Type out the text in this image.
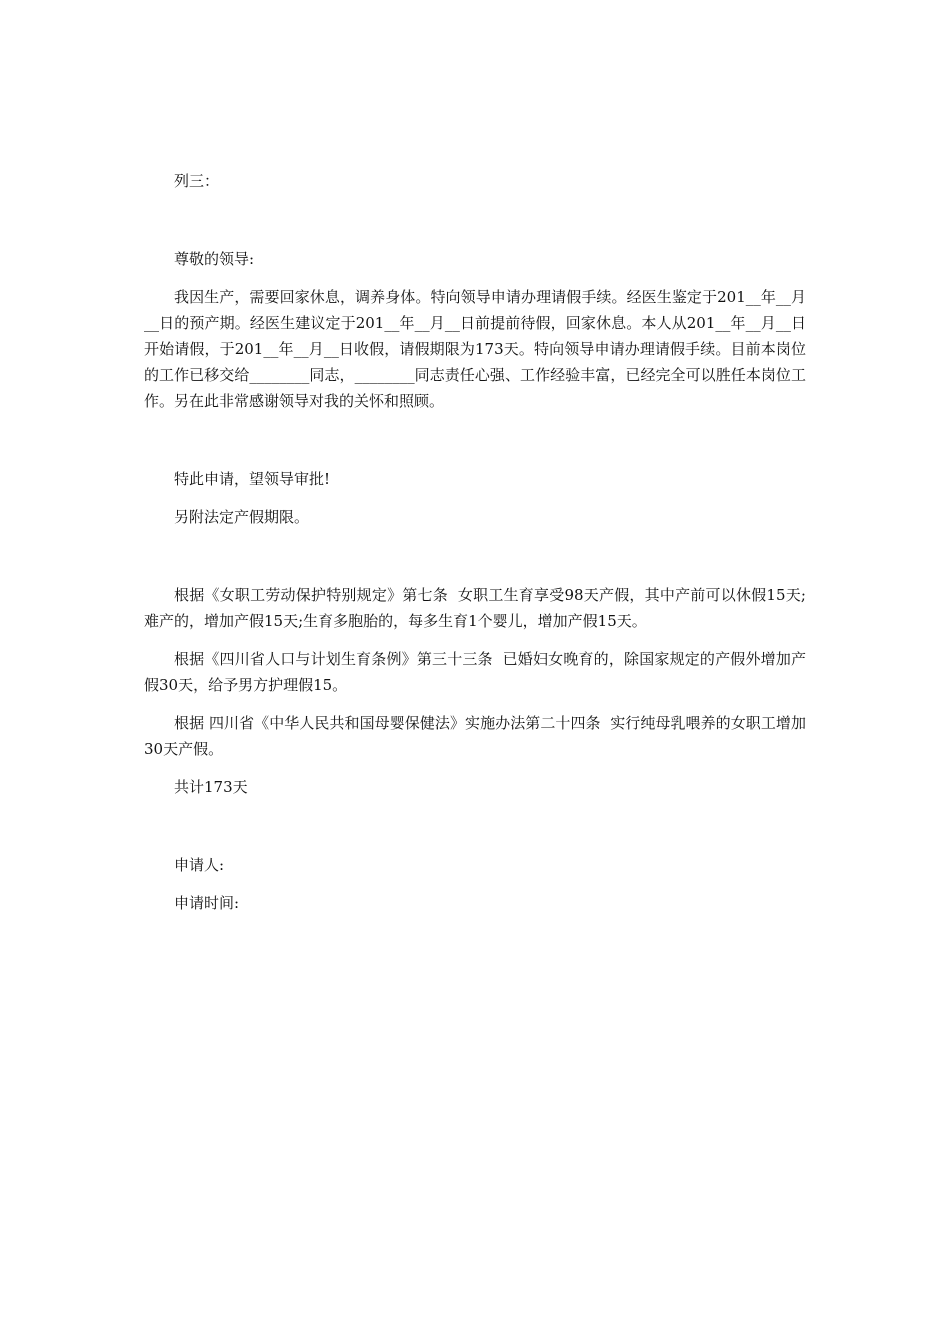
列三：

尊敬的领导:

我因生产，需要回家休息，调养身体。特向领导申请办理请假手续。经医生鉴定于201__年__月__日的预产期。经医生建议定于201__年__月__日前提前待假，回家休息。本人从201__年__月__日开始请假，于201__年__月__日收假，请假期限为173天。特向领导申请办理请假手续。目前本岗位的工作已移交给________同志，________同志责任心强、工作经验丰富，已经完全可以胜任本岗位工作。另在此非常感谢领导对我的关怀和照顾。

特此申请，望领导审批!

另附法定产假期限。

根据《女职工劳动保护特别规定》第七条  女职工生育享受98天产假，其中产前可以休假15天;难产的，增加产假15天;生育多胞胎的，每多生育1个婴儿，增加产假15天。

根据《四川省人口与计划生育条例》第三十三条  已婚妇女晚育的，除国家规定的产假外增加产假30天，给予男方护理假15。

根据 四川省《中华人民共和国母婴保健法》实施办法第二十四条  实行纯母乳喂养的女职工增加30天产假。

共计173天

申请人:

申请时间:
